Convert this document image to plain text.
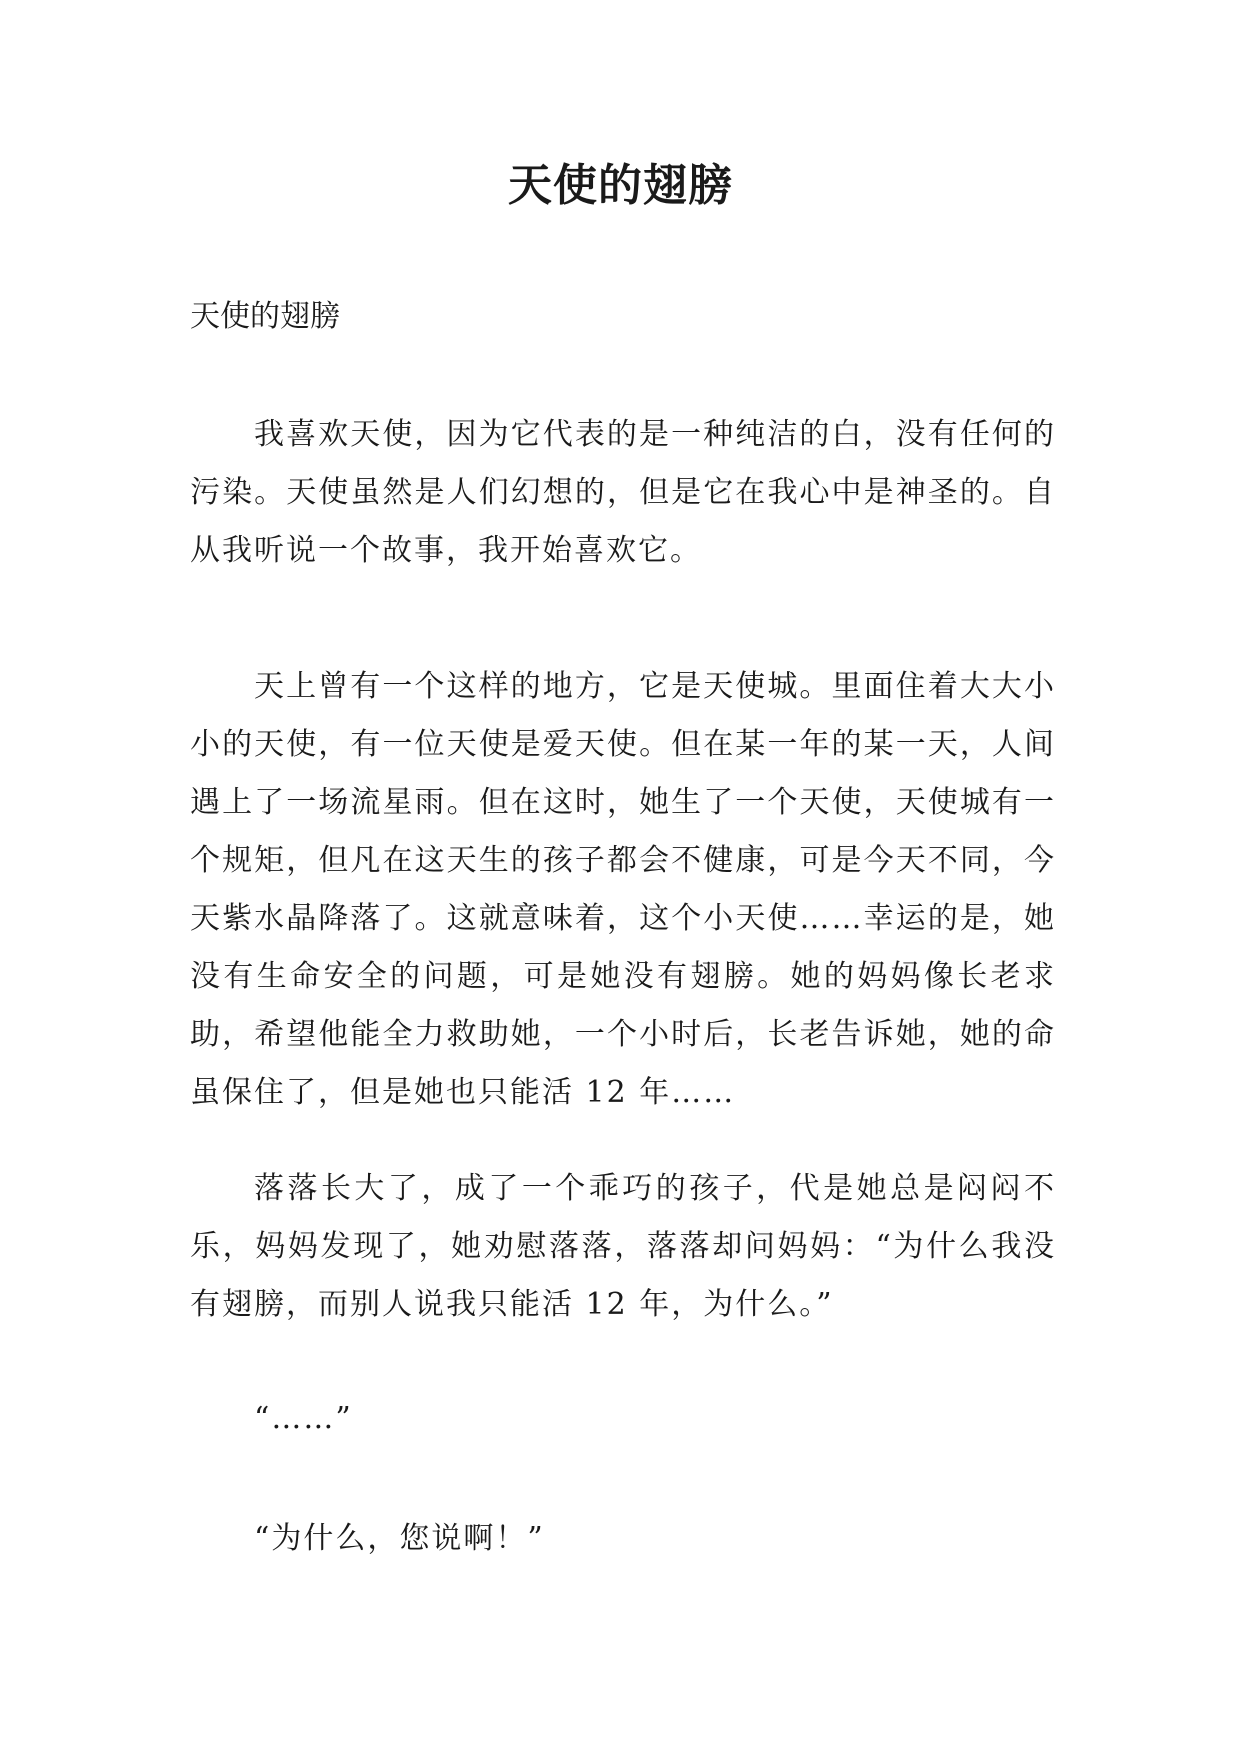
天使的翅膀
天使的翅膀

我喜欢天使，因为它代表的是一种纯洁的白，没有任何的污染。天使虽然是人们幻想的，但是它在我心中是神圣的。自从我听说一个故事，我开始喜欢它。

天上曾有一个这样的地方，它是天使城。里面住着大大小小的天使，有一位天使是爱天使。但在某一年的某一天，人间遇上了一场流星雨。但在这时，她生了一个天使，天使城有一个规矩，但凡在这天生的孩子都会不健康，可是今天不同，今天紫水晶降落了。这就意味着，这个小天使……幸运的是，她没有生命安全的问题，可是她没有翅膀。她的妈妈像长老求助，希望他能全力救助她，一个小时后，长老告诉她，她的命虽保住了，但是她也只能活 12 年……

落落长大了，成了一个乖巧的孩子，代是她总是闷闷不乐，妈妈发现了，她劝慰落落，落落却问妈妈：“为什么我没有翅膀，而别人说我只能活 12 年，为什么。”

“……”

“为什么，您说啊！”
